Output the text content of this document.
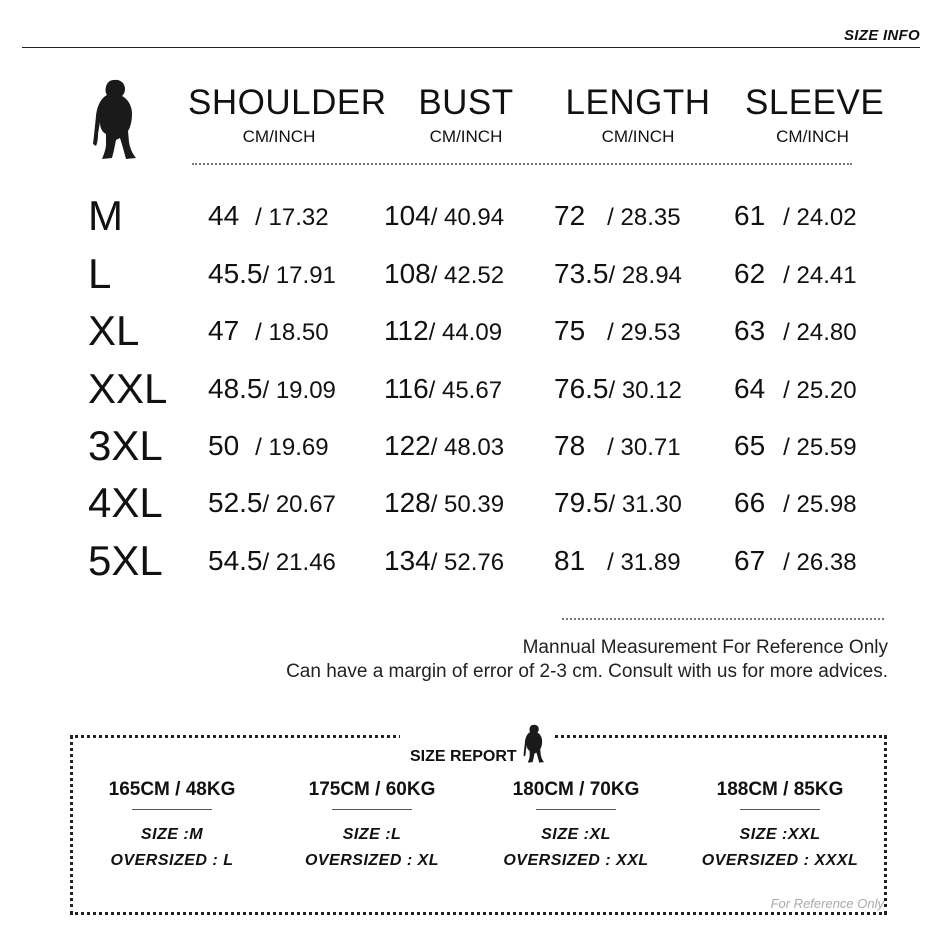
SIZE INFO
SHOULDER
CM/INCH
BUST
CM/INCH
LENGTH
CM/INCH
SLEEVE
CM/INCH
M	44 / 17.32 104/ 40.94 72 / 28.35 61 / 24.02
L	45.5/ 17.91 108/ 42.52 73.5/ 28.94 62 / 24.41
XL 47 / 18.50 112/ 44.09 75 / 29.53 63 / 24.80
XXL 48.5/ 19.09 116/ 45.67 76.5/ 30.12 64 / 25.20
3XL 50 / 19.69 122/ 48.03 78 / 30.71 65 / 25.59
4XL 52.5/ 20.67 128/ 50.39 79.5/ 31.30 66 / 25.98
5XL 54.5/ 21.46 134/ 52.76 81 / 31.89 67 / 26.38
Mannual Measurement For Reference Only
Can have a margin of error of 2-3 cm. Consult with us for more advices.
SIZE REPORT
165CM / 48KG
SIZE :M
OVERSIZED : L
175CM / 60KG
SIZE :L
OVERSIZED : XL
180CM / 70KG
SIZE :XL
OVERSIZED : XXL
188CM / 85KG
SIZE :XXL
OVERSIZED : XXXL
For Reference Only
